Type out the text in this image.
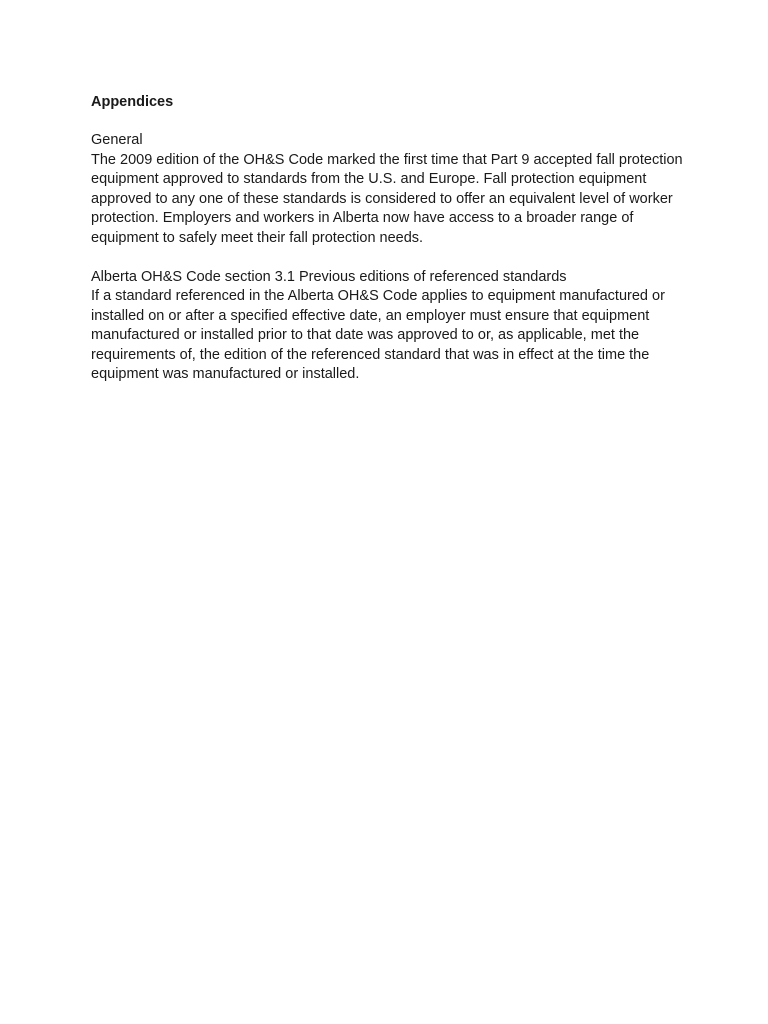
Appendices
General
The 2009 edition of the OH&S Code marked the first time that Part 9 accepted fall protection equipment approved to standards from the U.S. and Europe. Fall protection equipment approved to any one of these standards is considered to offer an equivalent level of worker protection. Employers and workers in Alberta now have access to a broader range of equipment to safely meet their fall protection needs.
Alberta OH&S Code section 3.1 Previous editions of referenced standards
If a standard referenced in the Alberta OH&S Code applies to equipment manufactured or installed on or after a specified effective date, an employer must ensure that equipment manufactured or installed prior to that date was approved to or, as applicable, met the requirements of, the edition of the referenced standard that was in effect at the time the equipment was manufactured or installed.
